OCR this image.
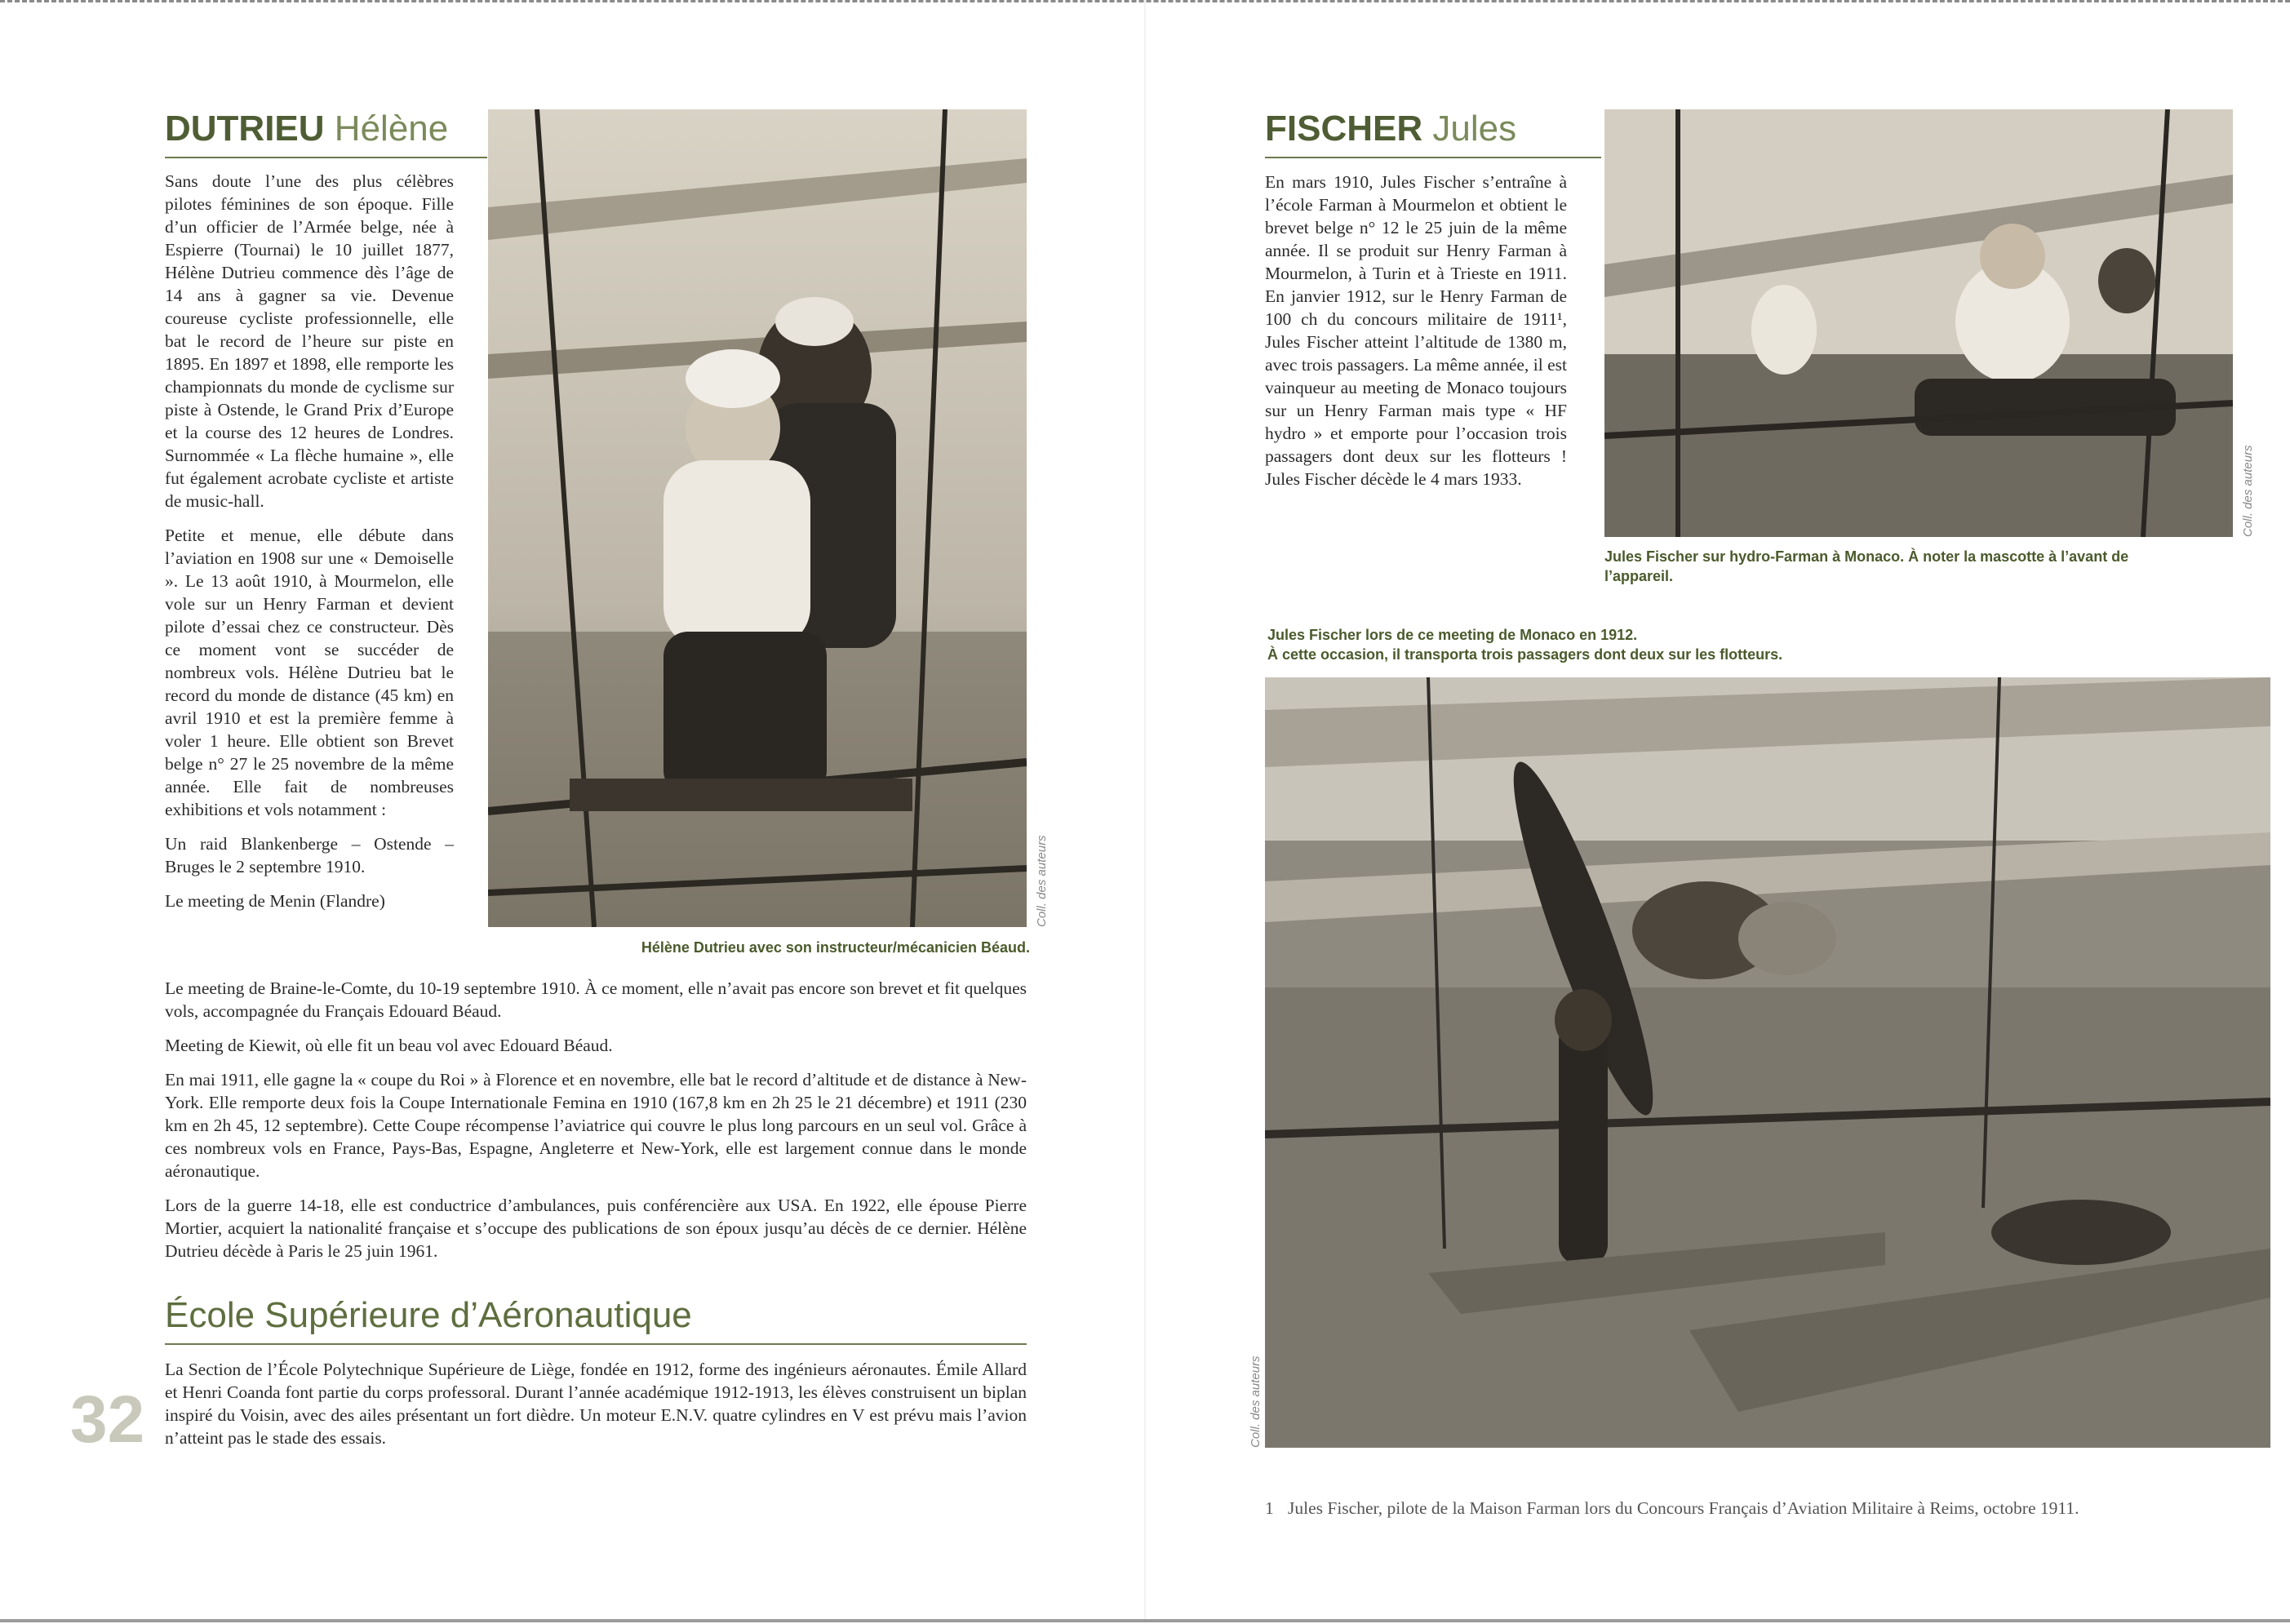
DUTRIEU Hélène

Sans doute l’une des plus célèbres pilotes féminines de son époque. Fille d’un officier de l’Armée belge, née à Espierre (Tournai) le 10 juillet 1877, Hélène Dutrieu commence dès l’âge de 14 ans à gagner sa vie. Devenue coureuse cycliste professionnelle, elle bat le record de l’heure sur piste en 1895. En 1897 et 1898, elle remporte les championnats du monde de cyclisme sur piste à Ostende, le Grand Prix d’Europe et la course des 12 heures de Londres. Surnommée « La flèche humaine », elle fut également acrobate cycliste et artiste de music-hall.

Petite et menue, elle débute dans l’aviation en 1908 sur une « Demoiselle ». Le 13 août 1910, à Mourmelon, elle vole sur un Henry Farman et devient pilote d’essai chez ce constructeur. Dès ce moment vont se succéder de nombreux vols. Hélène Dutrieu bat le record du monde de distance (45 km) en avril 1910 et est la première femme à voler 1 heure. Elle obtient son Brevet belge n° 27 le 25 novembre de la même année. Elle fait de nombreuses exhibitions et vols notamment :

Un raid Blankenberge – Ostende – Bruges le 2 septembre 1910.

Le meeting de Menin (Flandre)	Coll. des auteurs
Hélène Dutrieu avec son instructeur/mécanicien Béaud.

Le meeting de Braine-le-Comte, du 10-19 septembre 1910. À ce moment, elle n’avait pas encore son brevet et fit quelques vols, accompagnée du Français Edouard Béaud.

Meeting de Kiewit, où elle fit un beau vol avec Edouard Béaud.

En mai 1911, elle gagne la « coupe du Roi » à Florence et en novembre, elle bat le record d’altitude et de distance à New-York. Elle remporte deux fois la Coupe Internationale Femina en 1910 (167,8 km en 2h 25 le 21 décembre) et 1911 (230 km en 2h 45, 12 septembre). Cette Coupe récompense l’aviatrice qui couvre le plus long parcours en un seul vol. Grâce à ces nombreux vols en France, Pays-Bas, Espagne, Angleterre et New-York, elle est largement connue dans le monde aéronautique.

Lors de la guerre 14-18, elle est conductrice d’ambulances, puis conférencière aux USA. En 1922, elle épouse Pierre Mortier, acquiert la nationalité française et s’occupe des publications de son époux jusqu’au décès de ce dernier. Hélène Dutrieu décède à Paris le 25 juin 1961.

École Supérieure d’Aéronautique

La Section de l’École Polytechnique Supérieure de Liège, fondée en 1912, forme des ingénieurs aéronautes. Émile Allard et Henri Coanda font partie du corps professoral. Durant l’année académique 1912-1913, les élèves construisent un biplan inspiré du Voisin, avec des ailes présentant un fort dièdre. Un moteur E.N.V. quatre cylindres en V est prévu mais l’avion n’atteint pas le stade des essais.

32
FISCHER Jules

En mars 1910, Jules Fischer s’entraîne à l’école Farman à Mourmelon et obtient le brevet belge n° 12 le 25 juin de la même année. Il se produit sur Henry Farman à Mourmelon, à Turin et à Trieste en 1911. En janvier 1912, sur le Henry Farman de 100 ch du concours militaire de 1911¹, Jules Fischer atteint l’altitude de 1380 m, avec trois passagers. La même année, il est vainqueur au meeting de Monaco toujours sur un Henry Farman mais type « HF hydro » et emporte pour l’occasion trois passagers dont deux sur les flotteurs ! Jules Fischer décède le 4 mars 1933.	Coll. des auteurs
Jules Fischer sur hydro-Farman à Monaco. À noter la mascotte à l’avant de l’appareil.
Jules Fischer lors de ce meeting de Monaco en 1912.
À cette occasion, il transporta trois passagers dont deux sur les flotteurs.
Coll. des auteurs
1 Jules Fischer, pilote de la Maison Farman lors du Concours Français d’Aviation Militaire à Reims, octobre 1911.
